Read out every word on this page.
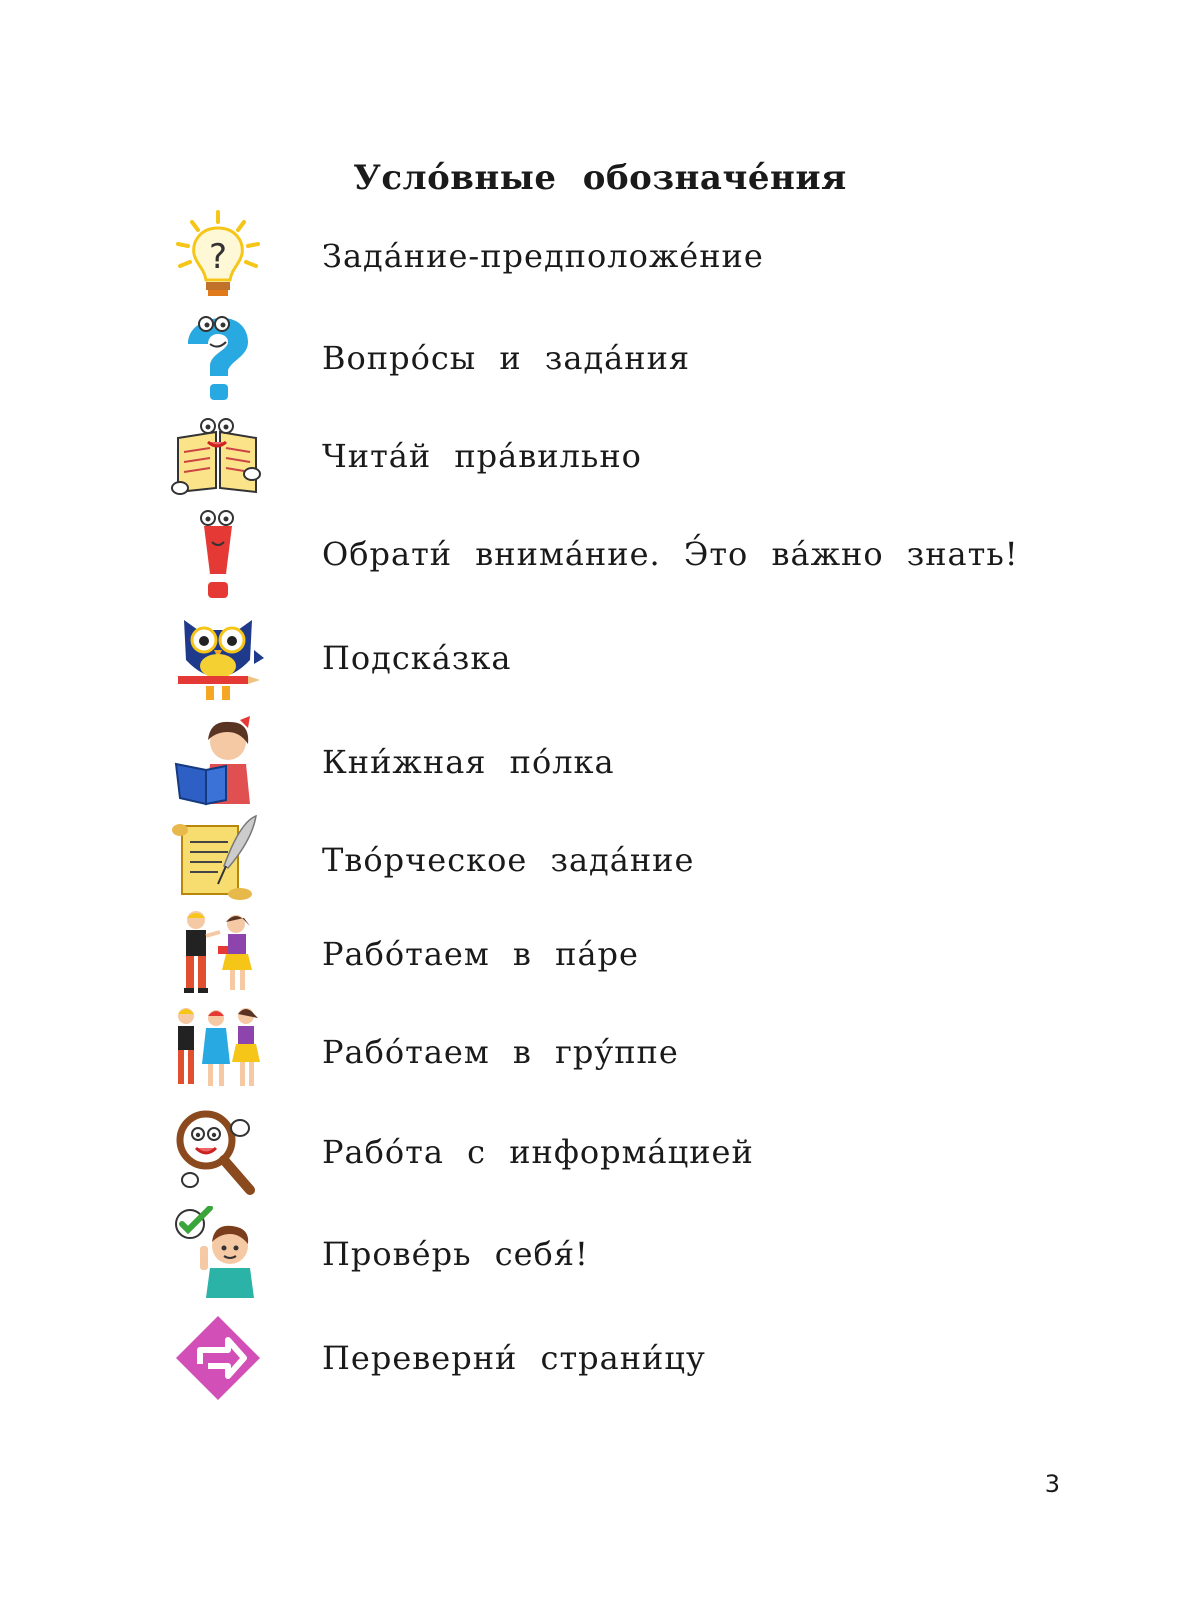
Усло́вные обозначе́ния
?	Зада́ние-предположе́ние
Вопро́сы и зада́ния
Чита́й пра́вильно
Обрати́ внима́ние. Э́то ва́жно знать!
Подска́зка
Кни́жная по́лка
Тво́рческое зада́ние
Рабо́таем в па́ре
Рабо́таем в гру́ппе
Рабо́та с информа́цией
Прове́рь себя́!
Переверни́ страни́цу
3
